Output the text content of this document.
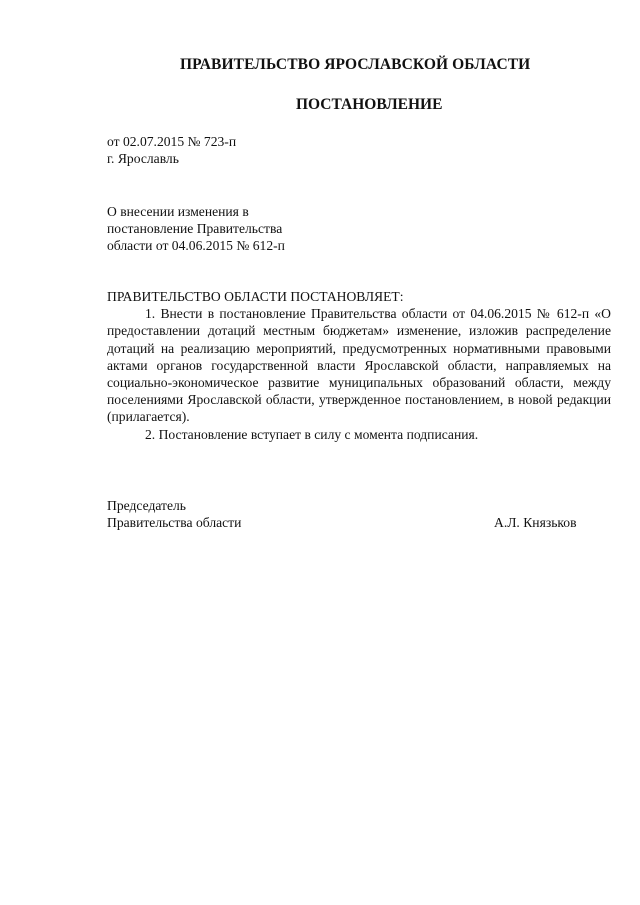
ПРАВИТЕЛЬСТВО ЯРОСЛАВСКОЙ ОБЛАСТИ
ПОСТАНОВЛЕНИЕ
от 02.07.2015 № 723-п
г. Ярославль
О внесении изменения в
постановление Правительства
области от 04.06.2015 № 612-п

ПРАВИТЕЛЬСТВО ОБЛАСТИ ПОСТАНОВЛЯЕТ:

1. Внести в постановление Правительства области от 04.06.2015 № 612-п «О предоставлении дотаций местным бюджетам» изменение, изложив распределение дотаций на реализацию мероприятий, предусмотренных нормативными правовыми актами органов государственной власти Ярославской области, направляемых на социально-экономическое развитие муниципальных образований области, между поселениями Ярославской области, утвержденное постановлением, в новой редакции (прилагается).

2. Постановление вступает в силу с момента подписания.

Председатель
Правительства области	А.Л. Князьков
